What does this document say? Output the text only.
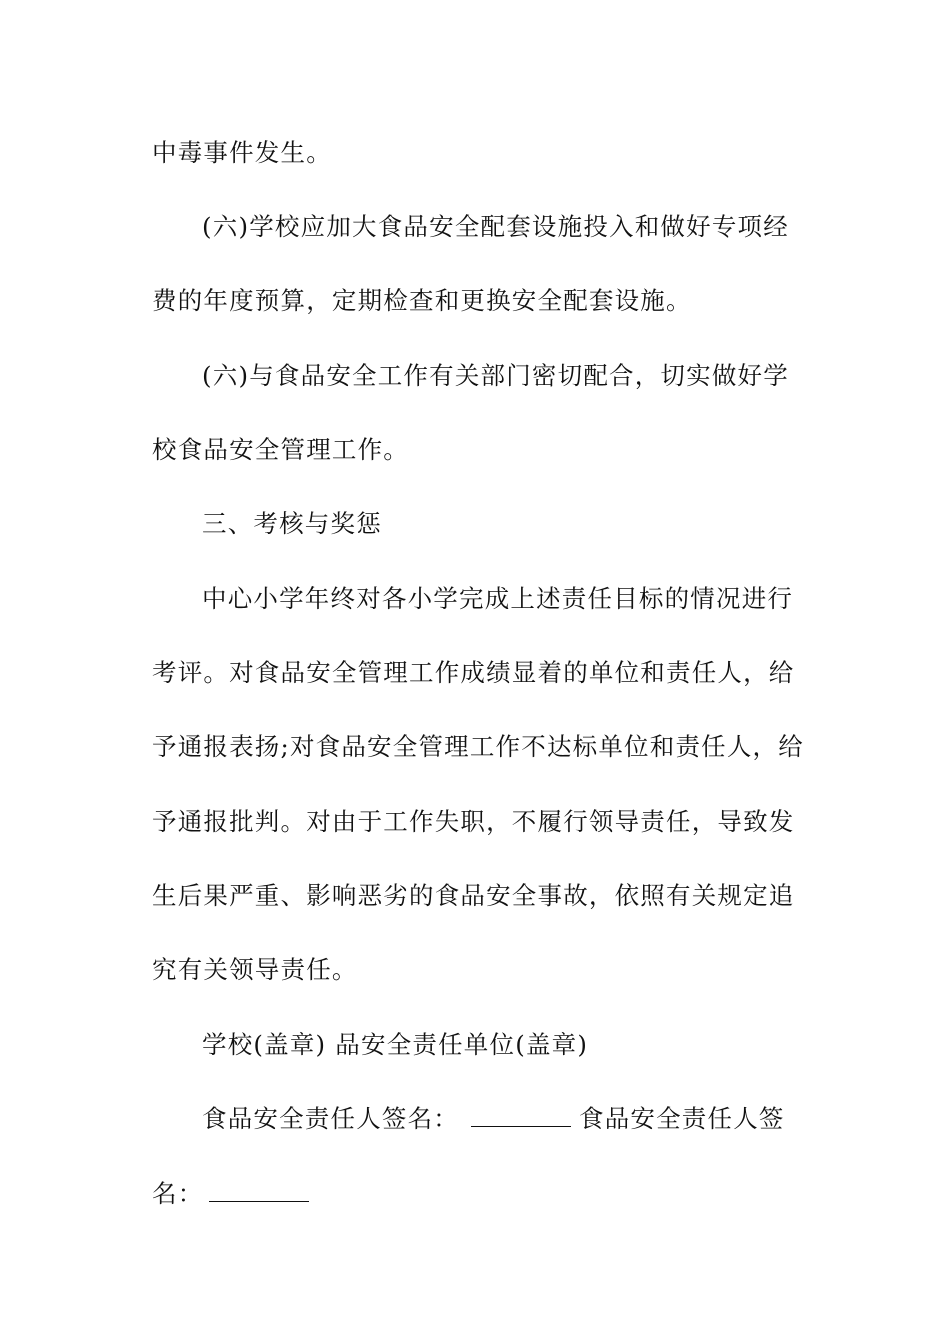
中毒事件发生。
(六)学校应加大食品安全配套设施投入和做好专项经
费的年度预算，定期检查和更换安全配套设施。
(六)与食品安全工作有关部门密切配合，切实做好学
校食品安全管理工作。
三、考核与奖惩
中心小学年终对各小学完成上述责任目标的情况进行
考评。对食品安全管理工作成绩显着的单位和责任人，给
予通报表扬;对食品安全管理工作不达标单位和责任人，给
予通报批判。对由于工作失职，不履行领导责任，导致发
生后果严重、影响恶劣的食品安全事故，依照有关规定追
究有关领导责任。
学校(盖章) 品安全责任单位(盖章)
食品安全责任人签名：	食品安全责任人签
名：
